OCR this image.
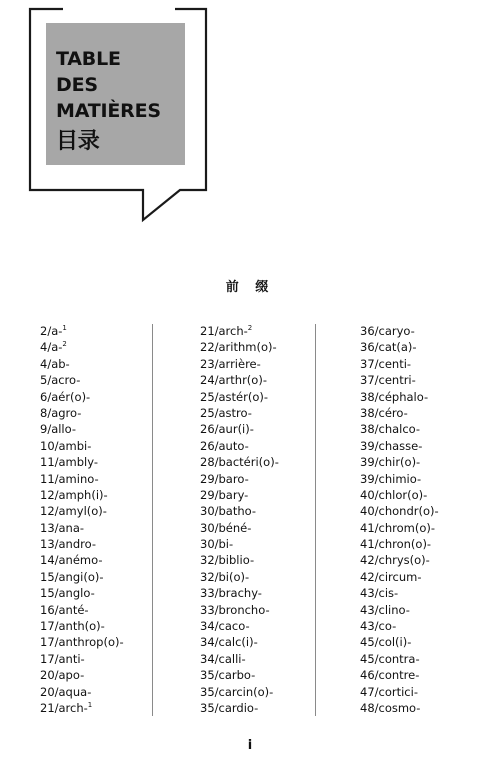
TABLE
DES
MATIÈRES
目录
前 缀
2/a-$^1$
4/a-$^2$
4/ab-
5/acro-
6/aér(o)-
8/agro-
9/allo-
10/ambi-
11/ambly-
11/amino-
12/amph(i)-
12/amyl(o)-
13/ana-
13/andro-
14/anémo-
15/angi(o)-
15/anglo-
16/anté-
17/anth(o)-
17/anthrop(o)-
17/anti-
20/apo-
20/aqua-
21/arch-$^1$
21/arch-$^2$
22/arithm(o)-
23/arrière-
24/arthr(o)-
25/astér(o)-
25/astro-
26/aur(i)-
26/auto-
28/bactéri(o)-
29/baro-
29/bary-
30/batho-
30/béné-
30/bi-
32/biblio-
32/bi(o)-
33/brachy-
33/broncho-
34/caco-
34/calc(i)-
34/calli-
35/carbo-
35/carcin(o)-
35/cardio-
36/caryo-
36/cat(a)-
37/centi-
37/centri-
38/céphalo-
38/céro-
38/chalco-
39/chasse-
39/chir(o)-
39/chimio-
40/chlor(o)-
40/chondr(o)-
41/chrom(o)-
41/chron(o)-
42/chrys(o)-
42/circum-
43/cis-
43/clino-
43/co-
45/col(i)-
45/contra-
46/contre-
47/cortici-
48/cosmo-
i
